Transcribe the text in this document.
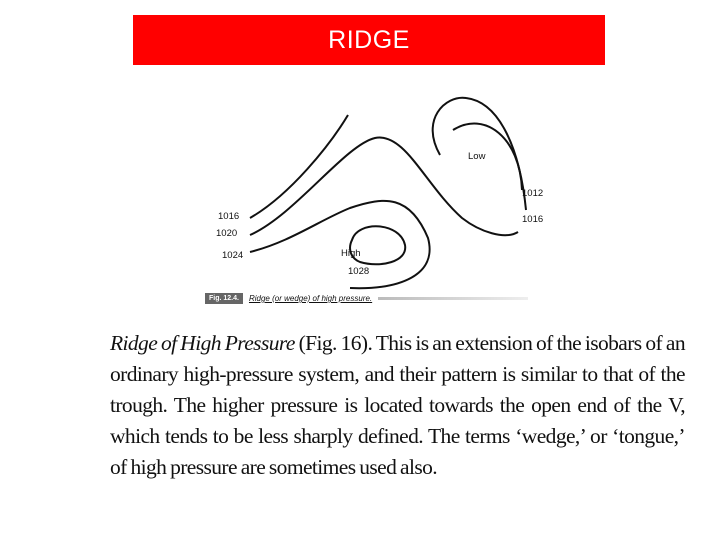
RIDGE
Low
High
1016
1020
1024
1028
1012
1016
Fig. 12.4.	Ridge (or wedge) of high pressure.
Ridge of High Pressure (Fig. 16). This is an extension of the isobars of an ordinary high-pressure system, and their pattern is similar to that of the trough. The higher pressure is located towards the open end of the V, which tends to be less sharply defined. The terms ‘wedge,’ or ‘tongue,’ of high pressure are sometimes used also.
